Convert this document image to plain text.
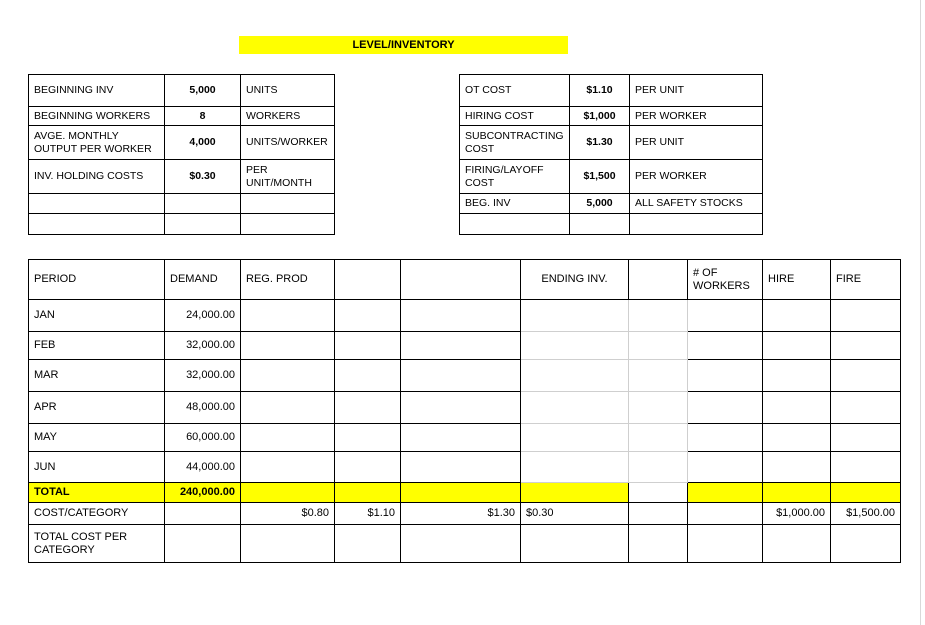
LEVEL/INVENTORY
BEGINNING INV	5,000	UNITS
BEGINNING WORKERS	8	WORKERS
AVGE. MONTHLY OUTPUT PER WORKER	4,000	UNITS/WORKER
INV. HOLDING COSTS	$0.30	PER UNIT/MONTH

OT COST	$1.10	PER UNIT
HIRING COST	$1,000	PER WORKER
SUBCONTRACTING COST	$1.30	PER UNIT
FIRING/LAYOFF COST	$1,500	PER WORKER
BEG. INV	5,000	ALL SAFETY STOCKS

PERIOD	DEMAND	REG. PROD			ENDING INV.		# OF WORKERS	HIRE	FIRE
JAN	24,000.00								
FEB	32,000.00								
MAR	32,000.00								
APR	48,000.00								
MAY	60,000.00								
JUN	44,000.00								
TOTAL	240,000.00								
COST/CATEGORY		$0.80	$1.10	$1.30	$0.30			$1,000.00	$1,500.00
TOTAL COST PER CATEGORY									
